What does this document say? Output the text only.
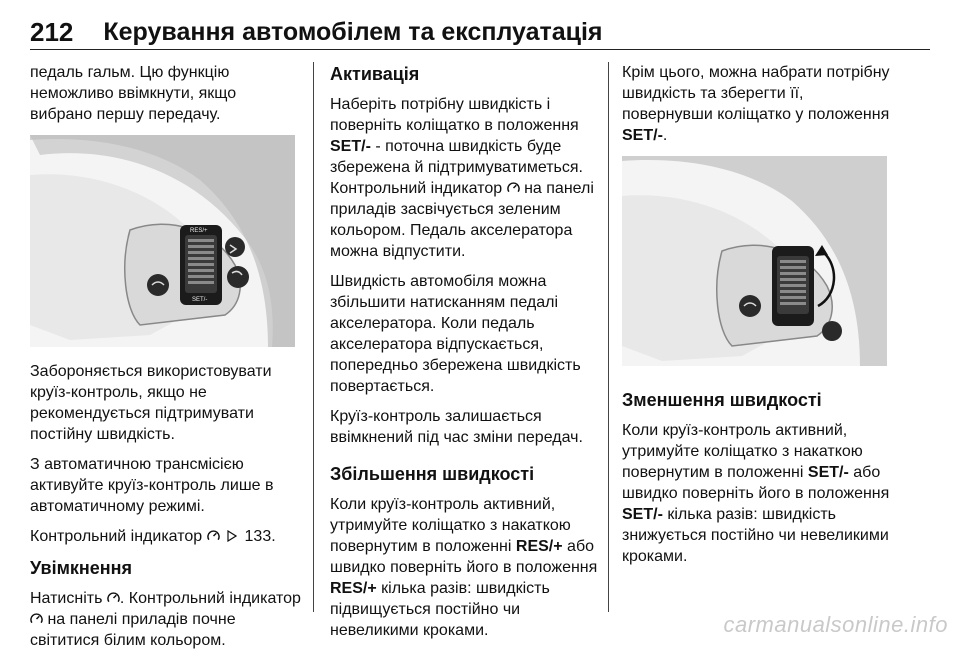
212 Керування автомобілем та експлуатація

педаль гальм. Цю функцію неможливо ввімкнути, якщо вибрано першу передачу.

RES/+
SET/-

Забороняється використовувати круїз-контроль, якщо не рекомендується підтримувати постійну швидкість.

З автоматичною трансмісією активуйте круїз-контроль лише в автоматичному режимі.

Контрольний індикатор	133.

Увімкнення

Натисніть . Контрольний індикатор  на панелі приладів почне світитися білим кольором.

Активація

Наберіть потрібну швидкість і поверніть коліщатко в положення SET/- - поточна швидкість буде збережена й підтримуватиметься. Контрольний індикатор на панелі приладів засвічується зеленим кольором. Педаль акселератора можна відпустити.

Швидкість автомобіля можна збільшити натисканням педалі акселератора. Коли педаль акселератора відпускається, попередньо збережена швидкість повертається.

Круїз-контроль залишається ввімкнений під час зміни передач.

Збільшення швидкості

Коли круїз-контроль активний, утримуйте коліщатко з накаткою повернутим в положенні RES/+ або швидко поверніть його в положення RES/+ кілька разів: швидкість підвищується постійно чи невеликими кроками.

Крім цього, можна набрати потрібну швидкість та зберегти її, повернувши коліщатко у положення SET/-.

Зменшення швидкості

Коли круїз-контроль активний, утримуйте коліщатко з накаткою повернутим в положенні SET/- або швидко поверніть його в положення SET/- кілька разів: швидкість знижується постійно чи невеликими кроками.

carmanualsonline.info
